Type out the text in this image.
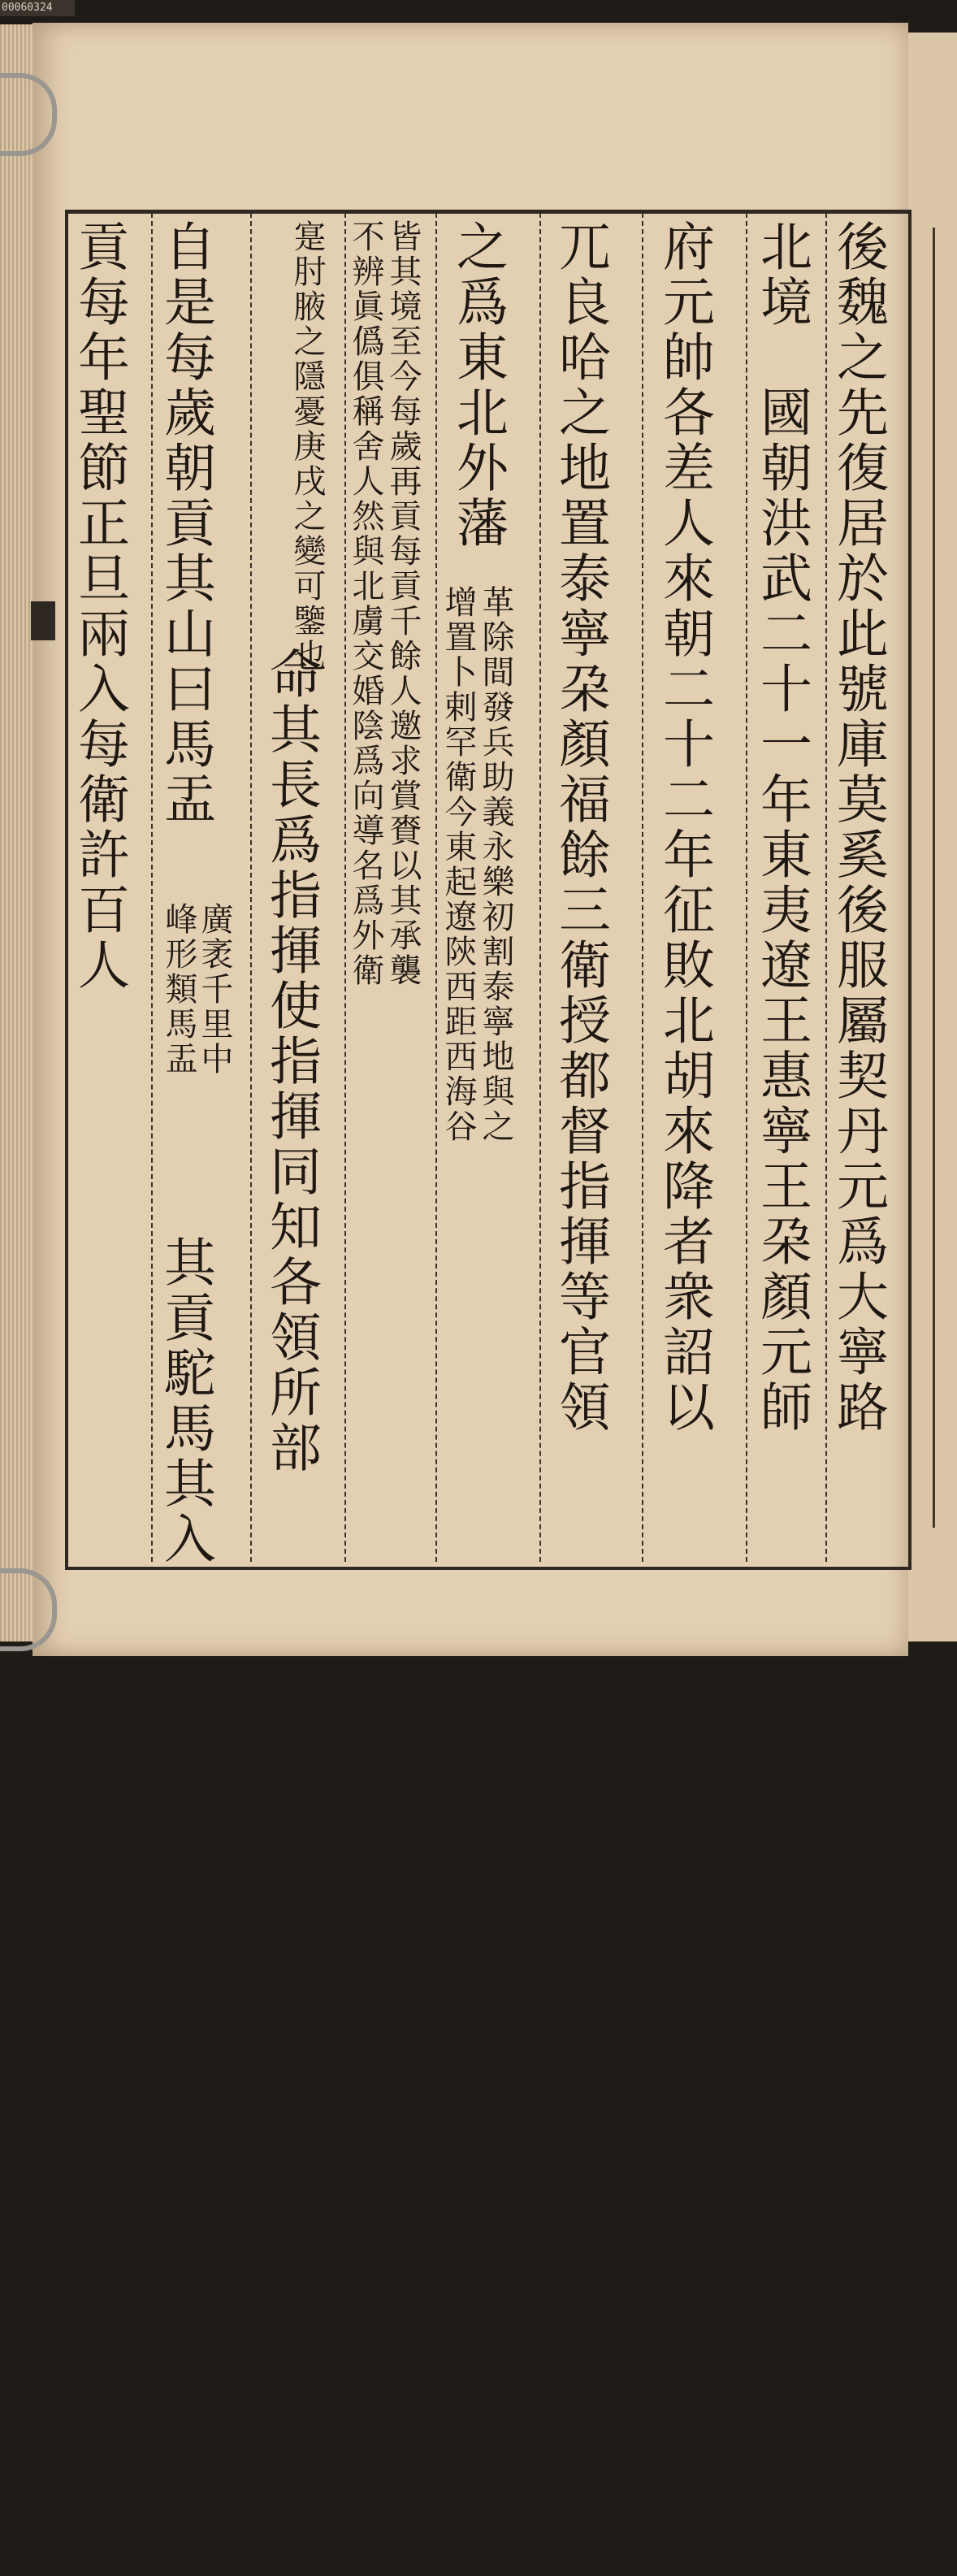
00060324
後魏之先復居於此號庫莫奚後服屬契丹元爲大寧路
北境　國朝洪武二十一年東夷遼王惠寧王朶顏元師
府元帥各差人來朝二十二年征敗北胡來降者衆詔以
兀良哈之地置泰寧朶顏福餘三衛授都督指揮等官領
之爲東北外藩
革除間發兵助義永樂初割泰寧地與之
增置卜剌罕衛今東起遼陝西距西海谷
皆其境至今每歲再貢每貢千餘人邀求賞賚以其承襲
不辨眞僞俱稱舍人然與北虜交婚陰爲向導名爲外衛
寔肘腋之隱憂庚戌之變可鑒也
命其長爲指揮使指揮同知各領所部
自是每歲朝貢其山曰馬盂
廣袤千里中
峰形類馬盂
其貢駝馬其入
貢每年聖節正旦兩入每衛許百人
